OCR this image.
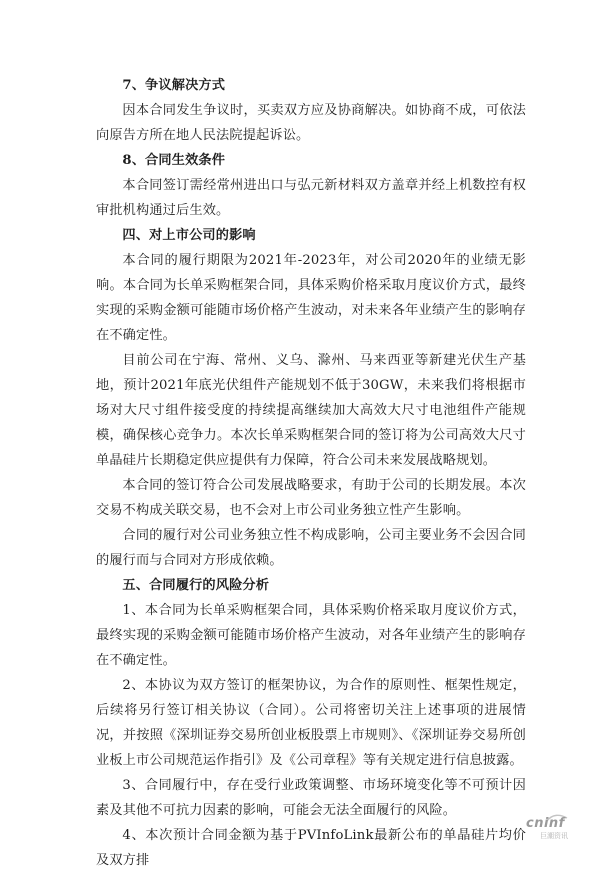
7、争议解决方式

因本合同发生争议时，买卖双方应及协商解决。如协商不成，可依法向原告方所在地人民法院提起诉讼。

8、合同生效条件

本合同签订需经常州进出口与弘元新材料双方盖章并经上机数控有权审批机构通过后生效。

四、对上市公司的影响

本合同的履行期限为2021年-2023年，对公司2020年的业绩无影响。本合同为长单采购框架合同，具体采购价格采取月度议价方式，最终实现的采购金额可能随市场价格产生波动，对未来各年业绩产生的影响存在不确定性。

目前公司在宁海、常州、义乌、滁州、马来西亚等新建光伏生产基地，预计2021年底光伏组件产能规划不低于30GW，未来我们将根据市场对大尺寸组件接受度的持续提高继续加大高效大尺寸电池组件产能规模，确保核心竞争力。本次长单采购框架合同的签订将为公司高效大尺寸单晶硅片长期稳定供应提供有力保障，符合公司未来发展战略规划。

本合同的签订符合公司发展战略要求，有助于公司的长期发展。本次交易不构成关联交易，也不会对上市公司业务独立性产生影响。

合同的履行对公司业务独立性不构成影响，公司主要业务不会因合同的履行而与合同对方形成依赖。

五、合同履行的风险分析

1、本合同为长单采购框架合同，具体采购价格采取月度议价方式，最终实现的采购金额可能随市场价格产生波动，对各年业绩产生的影响存在不确定性。

2、本协议为双方签订的框架协议，为合作的原则性、框架性规定，后续将另行签订相关协议（合同）。公司将密切关注上述事项的进展情况，并按照《深圳证券交易所创业板股票上市规则》、《深圳证券交易所创业板上市公司规范运作指引》及《公司章程》等有关规定进行信息披露。

3、合同履行中，存在受行业政策调整、市场环境变化等不可预计因素及其他不可抗力因素的影响，可能会无法全面履行的风险。

4、本次预计合同金额为基于PVInfoLink最新公布的单晶硅片均价及双方排

cninf
巨潮资讯
